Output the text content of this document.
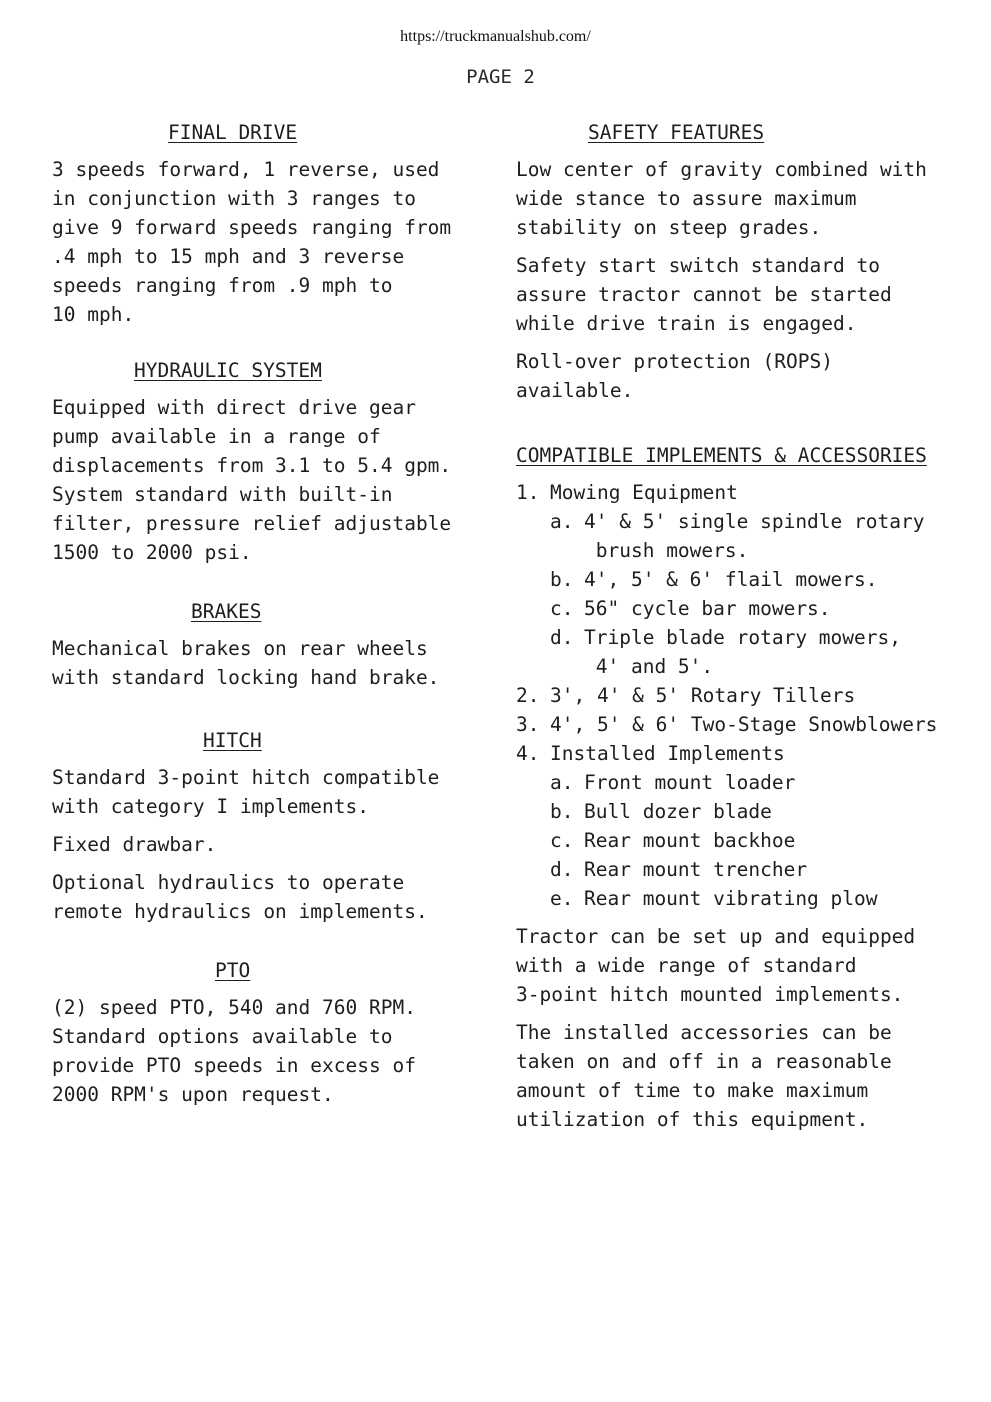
https://truckmanualshub.com/
PAGE 2
FINAL DRIVE
3 speeds forward, 1 reverse, used
in conjunction with 3 ranges to
give 9 forward speeds ranging from
.4 mph to 15 mph and 3 reverse
speeds ranging from .9 mph to
10 mph.
HYDRAULIC SYSTEM
Equipped with direct drive gear
pump available in a range of
displacements from 3.1 to 5.4 gpm.
System standard with built-in
filter, pressure relief adjustable
1500 to 2000 psi.
BRAKES
Mechanical brakes on rear wheels
with standard locking hand brake.
HITCH
Standard 3-point hitch compatible
with category I implements.
Fixed drawbar.
Optional hydraulics to operate
remote hydraulics on implements.
PTO
(2) speed PTO, 540 and 760 RPM.
Standard options available to
provide PTO speeds in excess of
2000 RPM's upon request.
SAFETY FEATURES
Low center of gravity combined with
wide stance to assure maximum
stability on steep grades.
Safety start switch standard to
assure tractor cannot be started
while drive train is engaged.
Roll-over protection (ROPS)
available.
COMPATIBLE IMPLEMENTS & ACCESSORIES
1. Mowing Equipment
a. 4' & 5' single spindle rotary
brush mowers.
b. 4', 5' & 6' flail mowers.
c. 56" cycle bar mowers.
d. Triple blade rotary mowers,
4' and 5'.
2. 3', 4' & 5' Rotary Tillers
3. 4', 5' & 6' Two-Stage Snowblowers
4. Installed Implements
a. Front mount loader
b. Bull dozer blade
c. Rear mount backhoe
d. Rear mount trencher
e. Rear mount vibrating plow
Tractor can be set up and equipped
with a wide range of standard
3-point hitch mounted implements.
The installed accessories can be
taken on and off in a reasonable
amount of time to make maximum
utilization of this equipment.
